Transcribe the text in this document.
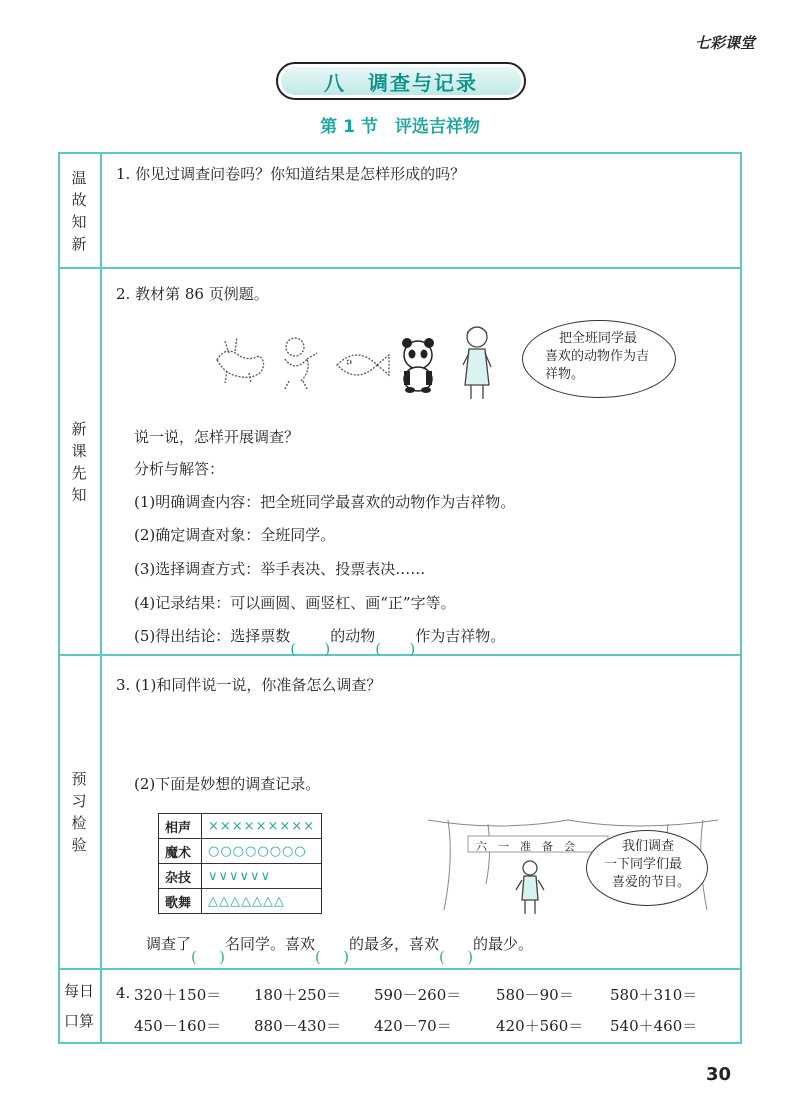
七彩课堂
八　调查与记录
第 1 节　评选吉祥物
温
故
知
新
新
课
先
知
预
习
检
验
每日
口算
1. 你见过调查问卷吗？你知道结果是怎样形成的吗？
2. 教材第 86 页例题。
把全班同学最
喜欢的动物作为吉
祥物。
说一说，怎样开展调查？
分析与解答：
(1)明确调查内容：把全班同学最喜欢的动物作为吉祥物。
(2)确定调查对象：全班同学。
(3)选择调查方式：举手表决、投票表决……
(4)记录结果：可以画圆、画竖杠、画“正”字等。
(5)得出结论：选择票数	的动物	作为吉祥物。
3. (1)和同伴说一说，你准备怎么调查？
(2)下面是妙想的调查记录。
相声	×××××××××
魔术	○○○○○○○○
杂技	∨∨∨∨∨∨
歌舞	△△△△△△△
六　一　准　备　会	我们调查
一下同学们最
喜爱的节目。
调查了 名同学。喜欢 的最多，喜欢 的最少。
4. 320＋150＝ 180＋250＝ 590－260＝ 580－90＝ 580＋310＝
450－160＝ 880－430＝ 420－70＝	420＋560＝ 540＋460＝
30
